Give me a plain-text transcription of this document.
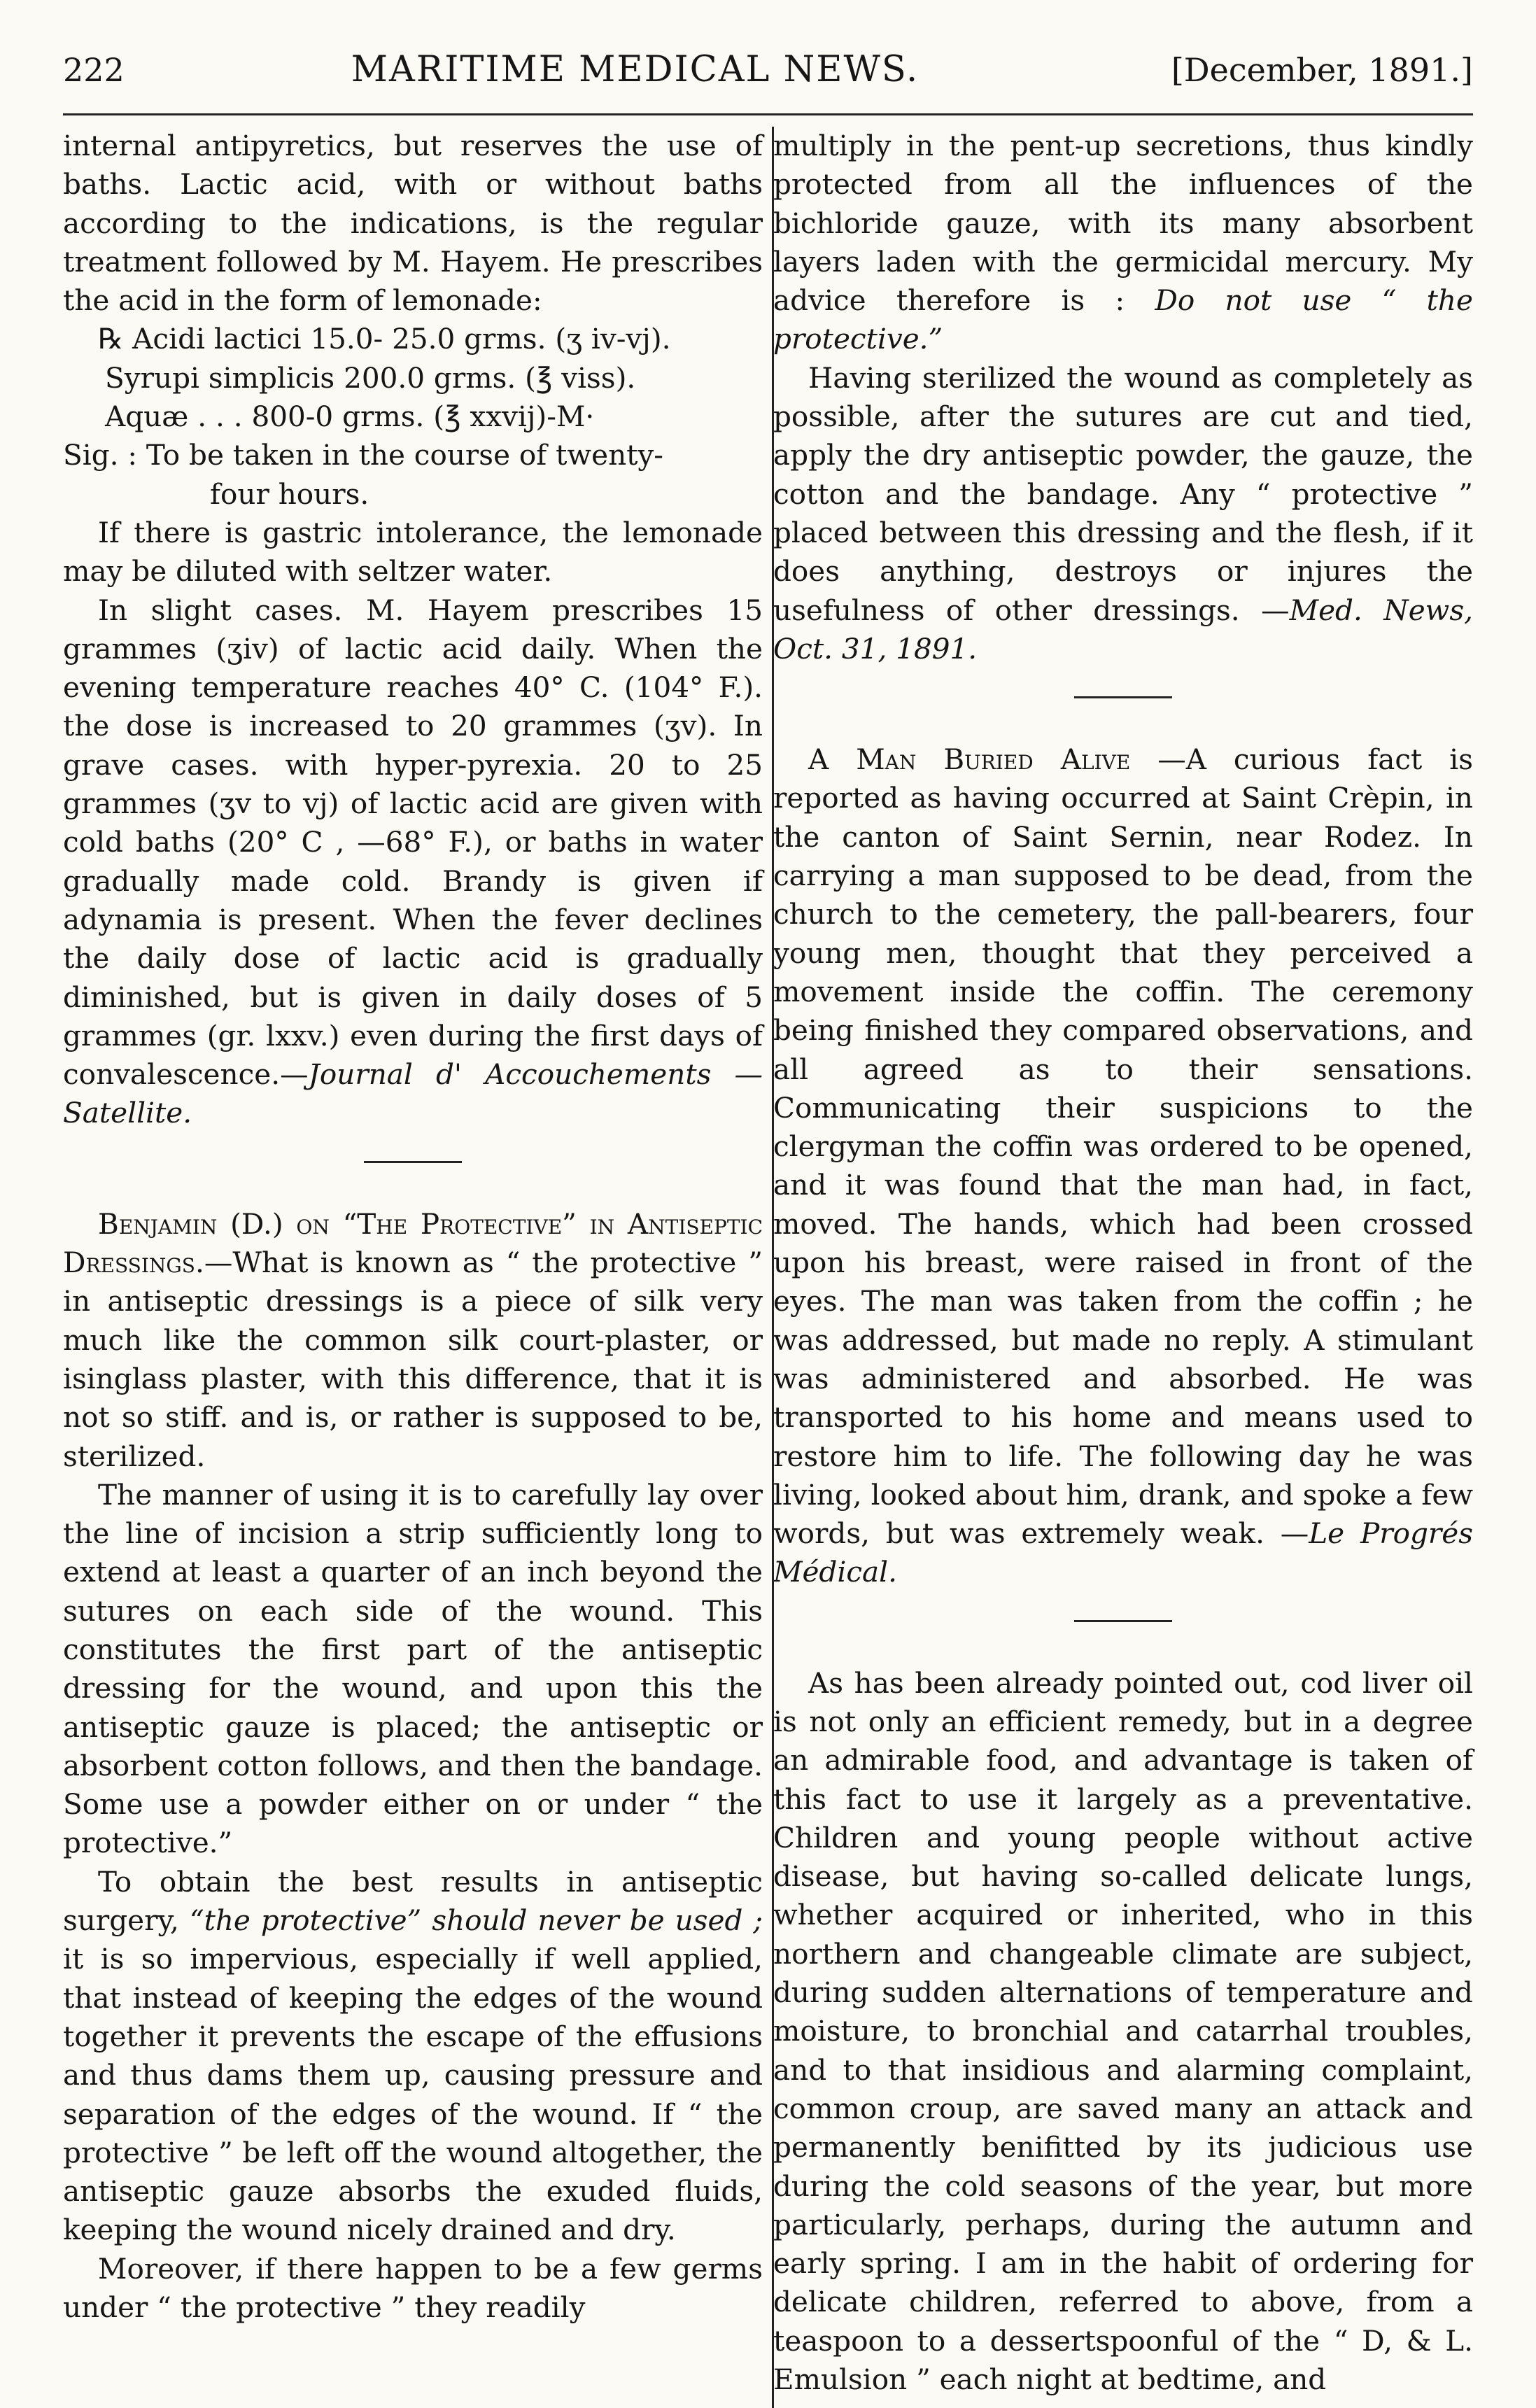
222	MARITIME MEDICAL NEWS.	[December, 1891.]

internal antipyretics, but reserves the use of baths. Lactic acid, with or without baths according to the indications, is the regular treatment followed by M. Hayem. He prescribes the acid in the form of lemonade:

℞ Acidi lactici 15.0- 25.0 grms. (ʒ iv-vj).
Syrupi simplicis 200.0 grms. (℥ viss).
Aquæ . . . 800-0 grms. (℥ xxvij)-M·
Sig. : To be taken in the course of twenty-
four hours.

If there is gastric intolerance, the lemonade may be diluted with seltzer water.

In slight cases. M. Hayem prescribes 15 grammes (ʒiv) of lactic acid daily. When the evening temperature reaches 40° C. (104° F.). the dose is increased to 20 grammes (ʒv). In grave cases. with hyper-pyrexia. 20 to 25 grammes (ʒv to vj) of lactic acid are given with cold baths (20° C , —68° F.), or baths in water gradually made cold. Brandy is given if adynamia is present. When the fever declines the daily dose of lactic acid is gradually diminished, but is given in daily doses of 5 grammes (gr. lxxv.) even during the first days of convalescence.—Journal d' Accouchements — Satellite.

Benjamin (D.) on “The Protective” in Antiseptic Dressings.—What is known as “ the protective ” in antiseptic dressings is a piece of silk very much like the common silk court-plaster, or isinglass plaster, with this difference, that it is not so stiff. and is, or rather is supposed to be, sterilized.

The manner of using it is to carefully lay over the line of incision a strip sufficiently long to extend at least a quarter of an inch beyond the sutures on each side of the wound. This constitutes the first part of the antiseptic dressing for the wound, and upon this the antiseptic gauze is placed; the antiseptic or absorbent cotton follows, and then the bandage. Some use a powder either on or under “ the protective.”

To obtain the best results in antiseptic surgery, “the protective” should never be used ; it is so impervious, especially if well applied, that instead of keeping the edges of the wound together it prevents the escape of the effusions and thus dams them up, causing pressure and separation of the edges of the wound. If “ the protective ” be left off the wound altogether, the antiseptic gauze absorbs the exuded fluids, keeping the wound nicely drained and dry.

Moreover, if there happen to be a few germs under “ the protective ” they readily

multiply in the pent-up secretions, thus kindly protected from all the influences of the bichloride gauze, with its many absorbent layers laden with the germicidal mercury. My advice therefore is : Do not use “ the protective.”

Having sterilized the wound as completely as possible, after the sutures are cut and tied, apply the dry antiseptic powder, the gauze, the cotton and the bandage. Any “ protective ” placed between this dressing and the flesh, if it does anything, destroys or injures the usefulness of other dressings. —Med. News, Oct. 31, 1891.

A Man Buried Alive —A curious fact is reported as having occurred at Saint Crèpin, in the canton of Saint Sernin, near Rodez. In carrying a man supposed to be dead, from the church to the cemetery, the pall-bearers, four young men, thought that they perceived a movement inside the coffin. The ceremony being finished they compared observations, and all agreed as to their sensations. Communicating their suspicions to the clergyman the coffin was ordered to be opened, and it was found that the man had, in fact, moved. The hands, which had been crossed upon his breast, were raised in front of the eyes. The man was taken from the coffin ; he was addressed, but made no reply. A stimulant was administered and absorbed. He was transported to his home and means used to restore him to life. The following day he was living, looked about him, drank, and spoke a few words, but was extremely weak. —Le Progrés Médical.

As has been already pointed out, cod liver oil is not only an efficient remedy, but in a degree an admirable food, and advantage is taken of this fact to use it largely as a preventative. Children and young people without active disease, but having so-called delicate lungs, whether acquired or inherited, who in this northern and changeable climate are subject, during sudden alternations of temperature and moisture, to bronchial and catarrhal troubles, and to that insidious and alarming complaint, common croup, are saved many an attack and permanently benifitted by its judicious use during the cold seasons of the year, but more particularly, perhaps, during the autumn and early spring. I am in the habit of ordering for delicate children, referred to above, from a teaspoon to a dessertspoonful of the “ D, & L. Emulsion ” each night at bedtime, and
